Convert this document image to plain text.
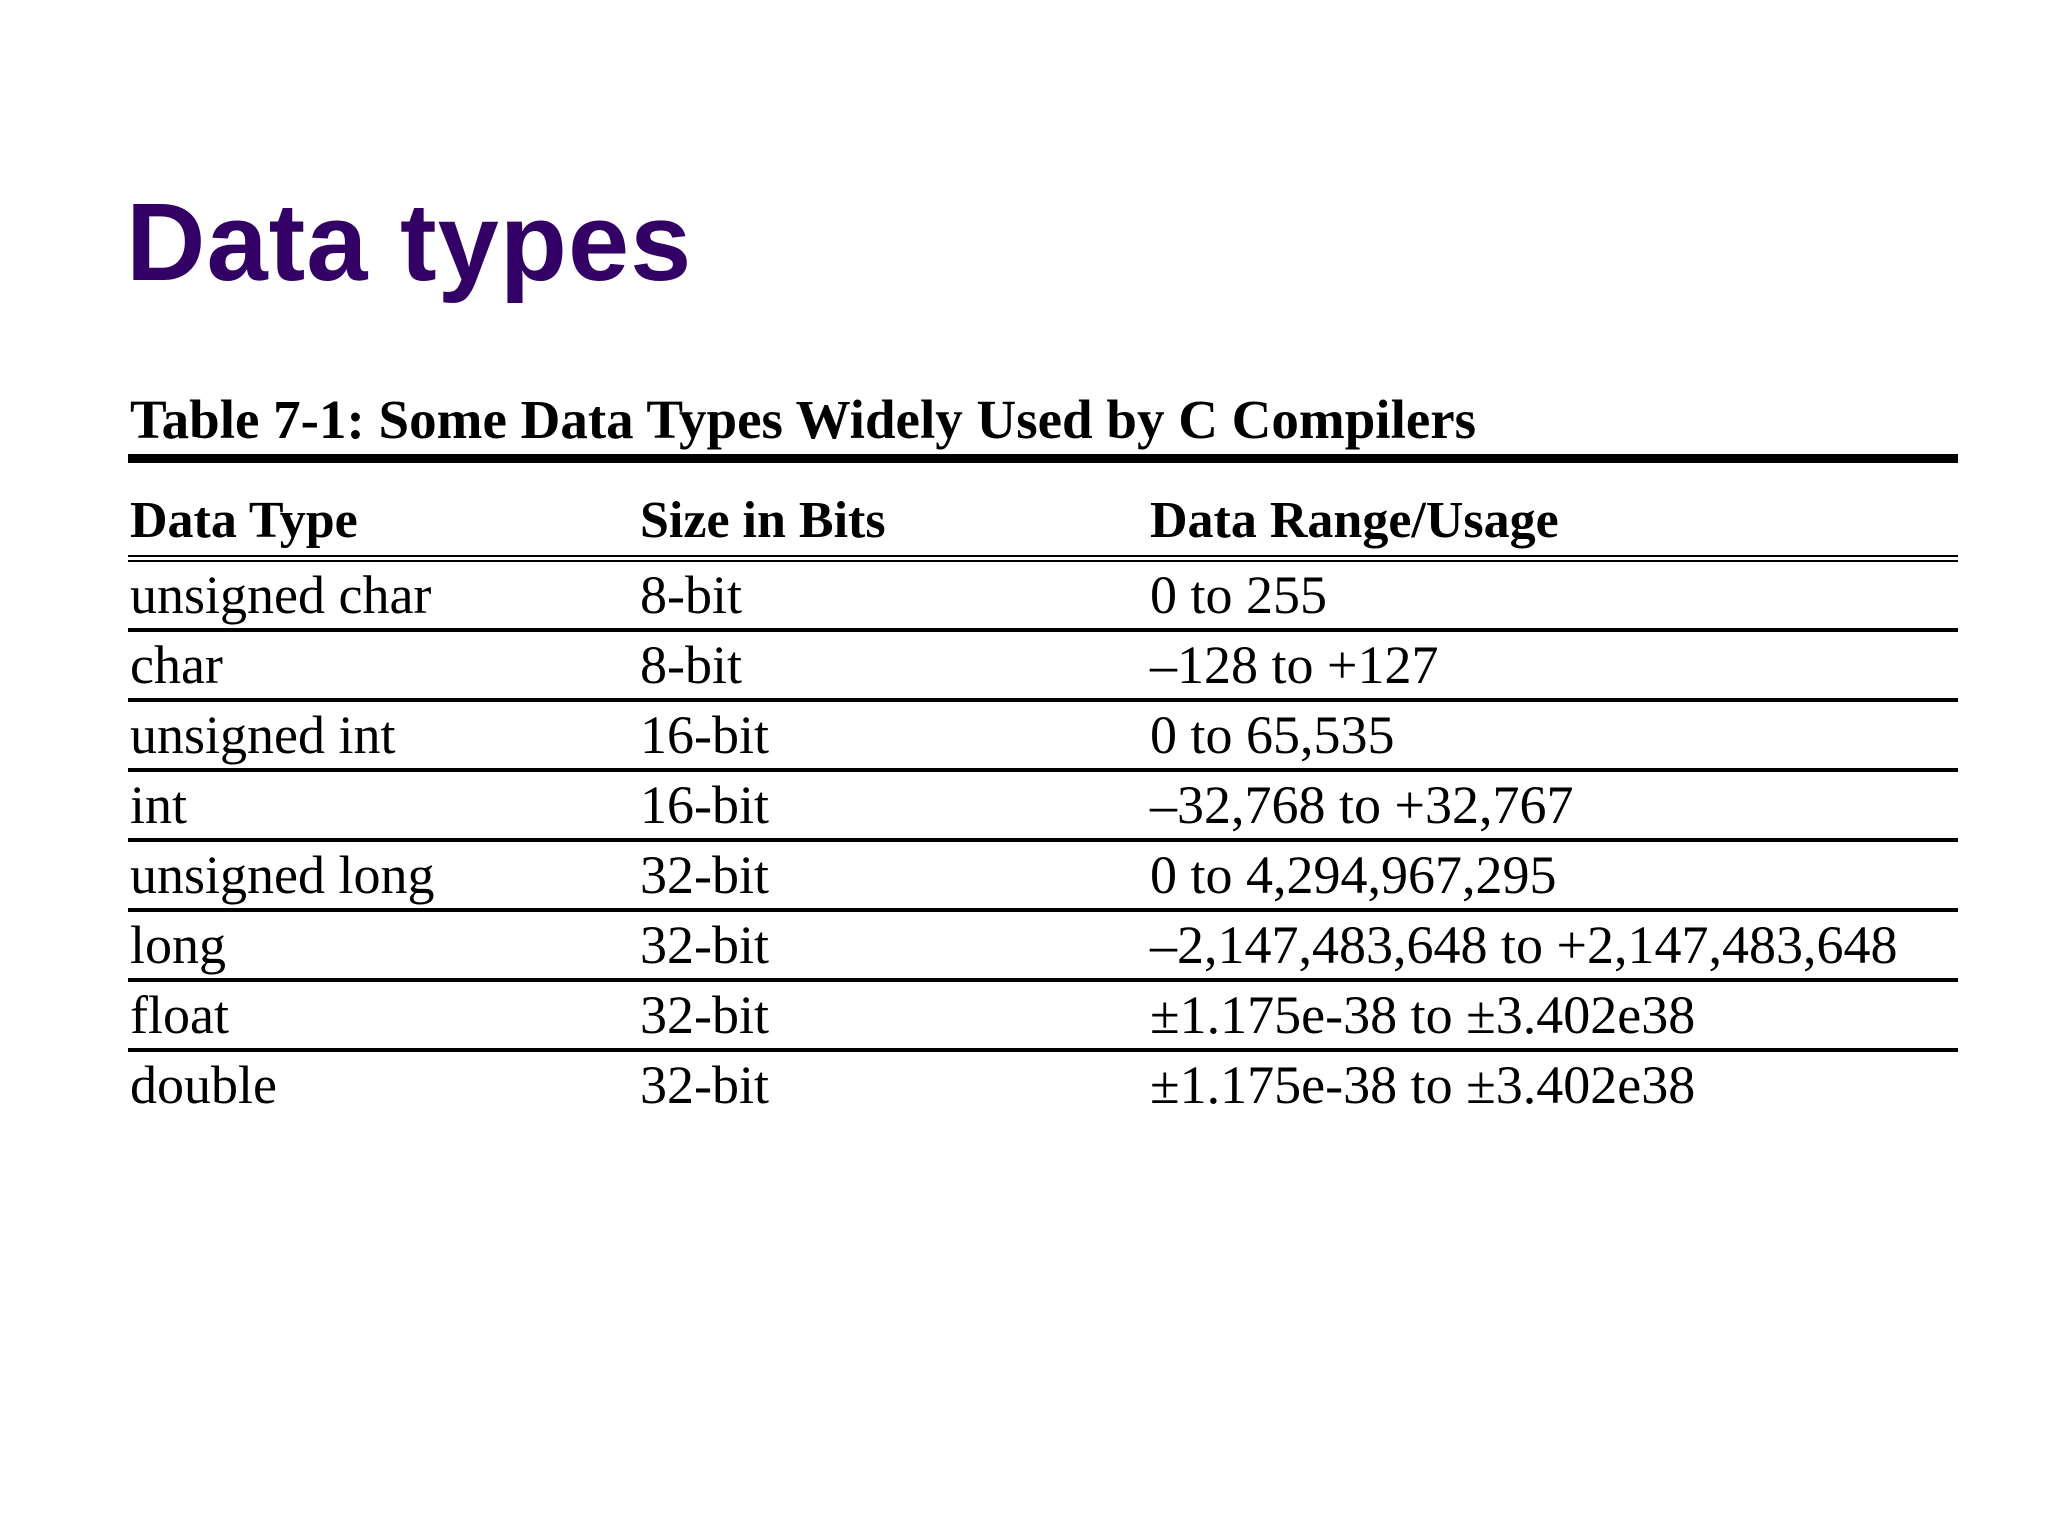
Data types
Table 7-1: Some Data Types Widely Used by C Compilers
Data Type	Size in Bits	Data Range/Usage
unsigned char	8-bit	0 to 255
char	8-bit	–128 to +127
unsigned int	16-bit	0 to 65,535
int	16-bit	–32,768 to +32,767
unsigned long	32-bit	0 to 4,294,967,295
long	32-bit	–2,147,483,648 to +2,147,483,648
float	32-bit	±1.175e-38 to ±3.402e38
double	32-bit	±1.175e-38 to ±3.402e38
